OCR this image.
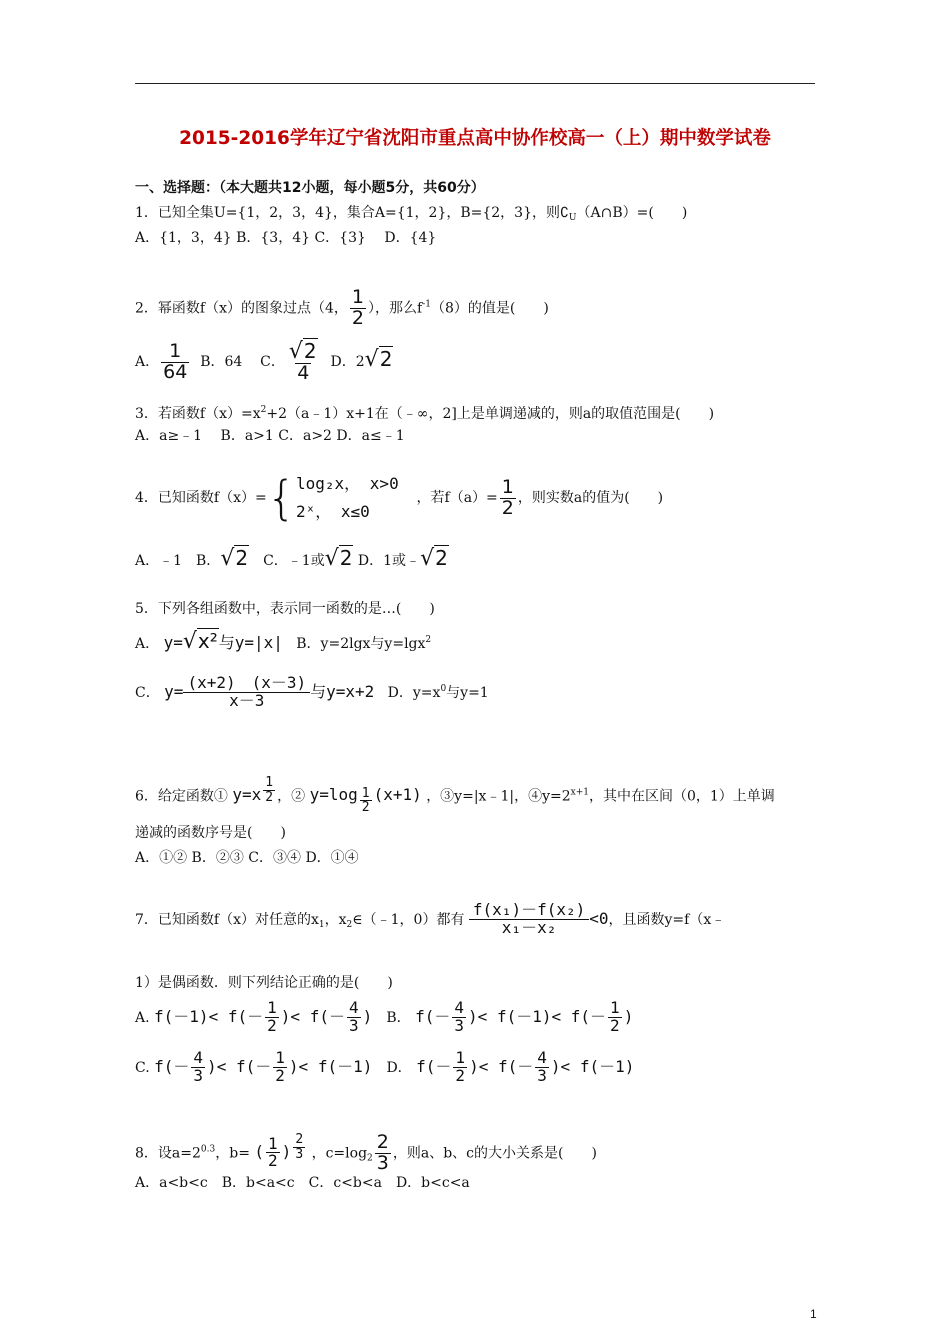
2015-2016学年辽宁省沈阳市重点高中协作校高一（上）期中数学试卷
一、选择题：（本大题共12小题，每小题5分，共60分）
1．已知全集U={1，2，3，4}，集合A={1，2}，B={2，3}，则$∁_U(A\cap B)=$(　　)
A．{1，3，4} B．{3，4} C．{3}　 D．{4}
2．幂函数f（x）的图象过点（4， $\frac{1}{2}$ ），那么$f^{-1}(8)$的值是(　　)
A． $\frac{1}{64}$ B．64 C． $\frac{√2}{4}$ D．2√2
3．若函数$f(x)=x^2+2(a﹣1)x+1$在（﹣∞，2]上是单调递减的，则a的取值范围是(　　)
A．a≥﹣1　 B．a>1 C．a>2 D．a≤﹣1
4．已知函数f（x）={ log₂x， x>0
2ˣ， x≤0
，若$f(a)= \frac{1}{2}$ ，则实数a的值为(　　)
A．﹣1　B．√2　C．﹣1或√2 D．1或﹣√2
5．下列各组函数中，表示同一函数的是…(　　)
A． y=√x²与y=|x| B．y=2lgx与y=lgx$^2$
C． $y= \frac{(x+2) (x-3)}{x-3}$ 与y=x+2 D．$y=x^0$与y=1
6．给定函数① y=x $^{\frac{1}{2}}$ ，② y=log $_{\frac{1}{2}}$ (x+1) ，③y=|x﹣1|，$④y=2^{x+1}$，其中在区间（0，1）上单调
递减的函数序号是(　　)
A．①② B．②③ C．③④ D．①④
7．已知函数f（x）对任意的$x_1$，$x_2\in(﹣1$，0）都有 $\frac{\text{f(x₁)－f(x₂)}}{\text{x₁－x₂}} <0$，且函数y=f（x﹣
1）是偶函数．则下列结论正确的是(　　)
A. $f(-1)< f(- \frac{1}{2}$ )< $f(- \frac{4}{3}$ ) B． $f(- \frac{4}{3}$ )< $f(-1)< f(- \frac{1}{2}$ )
C. $f(- \frac{4}{3}$ )< $f(- \frac{1}{2}$ )< f(－1) D． $f(- \frac{1}{2}$ )< $f(- \frac{4}{3}$ )< f(－1)
8．设$a=2^{0.3}$，b= ( $\frac{1}{2}$ ) $^{\frac{2}{3}}$ ，$c=\log_2 \frac{2}{3}$ ，则a、b、c的大小关系是(　　)
A．a<b<c　B．b<a<c　C．c<b<a　D．b<c<a
1
